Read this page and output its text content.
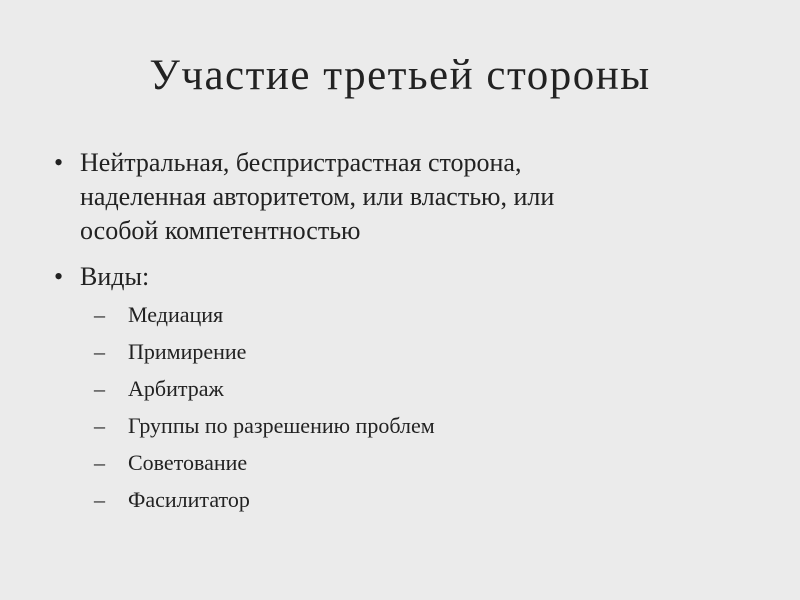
Участие третьей стороны
• Нейтральная, беспристрастная сторона,
наделенная авторитетом, или властью, или
особой компетентностью
• Виды:
– Медиация
– Примирение
– Арбитраж
– Группы по разрешению проблем
– Советование
– Фасилитатор
